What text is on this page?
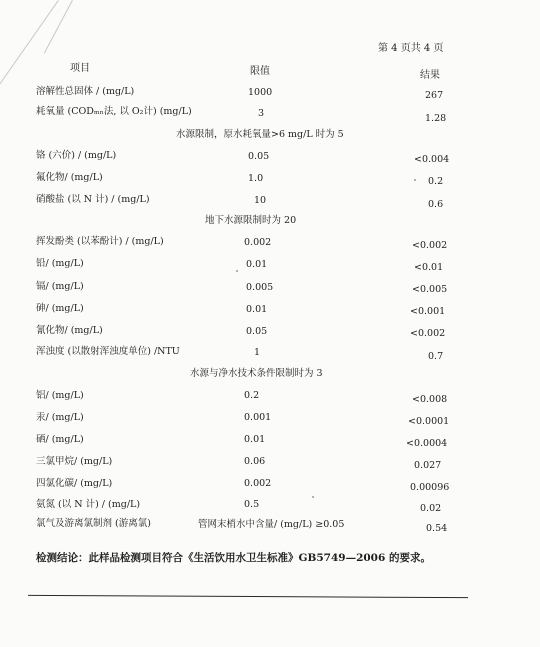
第 4 页共 4 页
项目	限值	结果
溶解性总固体 / (mg/L)	1000	267
耗氧量 (CODₘₙ法, 以 O₂计) (mg/L)	3	1.28
水源限制，原水耗氧量>6 mg/L 时为 5
铬 (六价) / (mg/L)	0.05	<0.004
氟化物/ (mg/L)	1.0	0.2
硝酸盐 (以 N 计) / (mg/L)	10	0.6
地下水源限制时为 20
挥发酚类 (以苯酚计) / (mg/L)	0.002	<0.002
铅/ (mg/L)	0.01	<0.01
镉/ (mg/L)	0.005	<0.005
砷/ (mg/L)	0.01	<0.001
氰化物/ (mg/L)	0.05	<0.002
浑浊度 (以散射浑浊度单位) /NTU	1	0.7
水源与净水技术条件限制时为 3
铝/ (mg/L)	0.2	<0.008
汞/ (mg/L)	0.001	<0.0001
硒/ (mg/L)	0.01	<0.0004
三氯甲烷/ (mg/L)	0.06	0.027
四氯化碳/ (mg/L)	0.002	0.00096
氨氮 (以 N 计) / (mg/L)	0.5	0.02
氯气及游离氯制剂 (游离氯)	管网末梢水中含量/ (mg/L) ≥0.05	0.54
检测结论：此样品检测项目符合《生活饮用水卫生标准》GB5749—2006 的要求。
